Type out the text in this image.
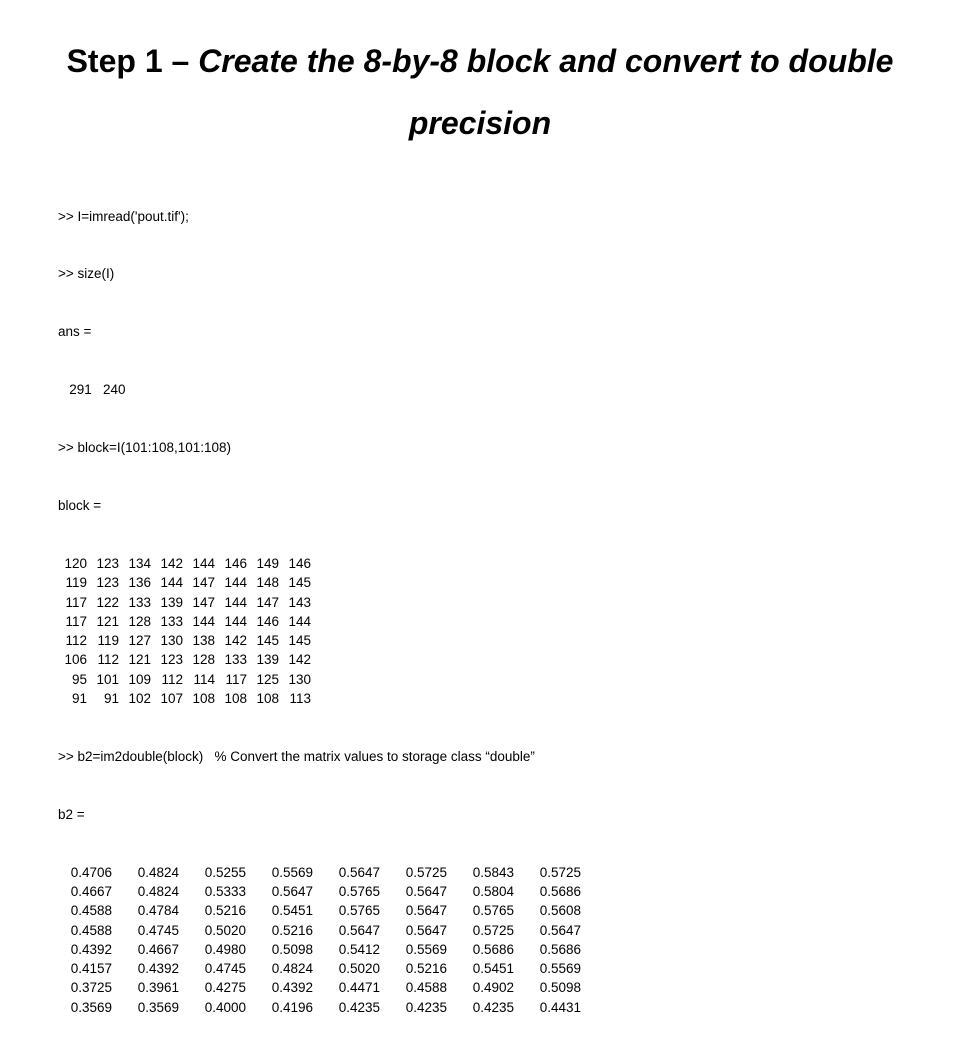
Step 1 – Create the 8-by-8 block and convert to double precision

>> I=imread('pout.tif');

>> size(I)

ans =

291   240

>> block=I(101:108,101:108)

block =

120 123 134 142 144 146 149 146
119 123 136 144 147 144 148 145
117 122 133 139 147 144 147 143
117 121 128 133 144 144 146 144
112 119 127 130 138 142 145 145
106 112 121 123 128 133 139 142
95 101 109 112 114 117 125 130
91 91 102 107 108 108 108 113

>> b2=im2double(block)   % Convert the matrix values to storage class “double”

b2 =

0.4706 0.4824 0.5255 0.5569 0.5647 0.5725 0.5843 0.5725
0.4667 0.4824 0.5333 0.5647 0.5765 0.5647 0.5804 0.5686
0.4588 0.4784 0.5216 0.5451 0.5765 0.5647 0.5765 0.5608
0.4588 0.4745 0.5020 0.5216 0.5647 0.5647 0.5725 0.5647
0.4392 0.4667 0.4980 0.5098 0.5412 0.5569 0.5686 0.5686
0.4157 0.4392 0.4745 0.4824 0.5020 0.5216 0.5451 0.5569
0.3725 0.3961 0.4275 0.4392 0.4471 0.4588 0.4902 0.5098
0.3569 0.3569 0.4000 0.4196 0.4235 0.4235 0.4235 0.4431
